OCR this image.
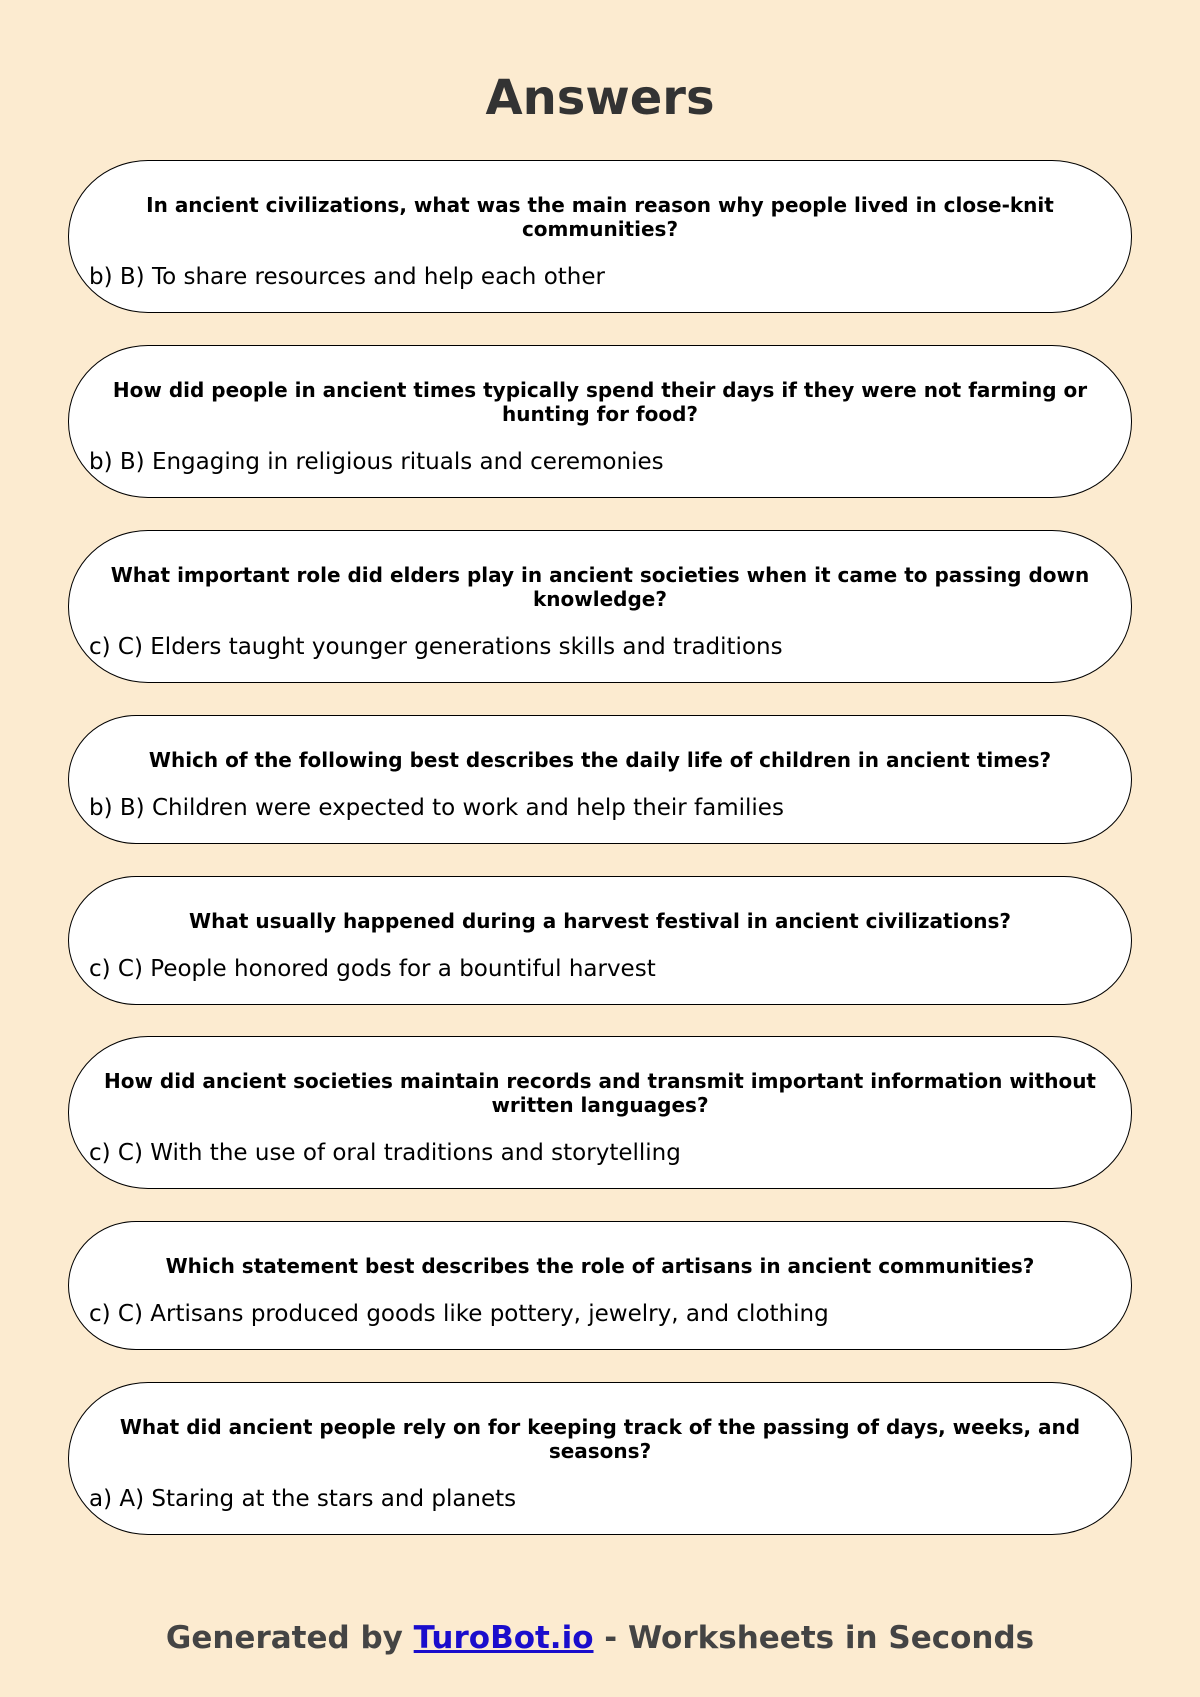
Answers
In ancient civilizations, what was the main reason why people lived in close-knit communities?
b) B) To share resources and help each other
How did people in ancient times typically spend their days if they were not farming or hunting for food?
b) B) Engaging in religious rituals and ceremonies
What important role did elders play in ancient societies when it came to passing down knowledge?
c) C) Elders taught younger generations skills and traditions
Which of the following best describes the daily life of children in ancient times?
b) B) Children were expected to work and help their families
What usually happened during a harvest festival in ancient civilizations?
c) C) People honored gods for a bountiful harvest
How did ancient societies maintain records and transmit important information without written languages?
c) C) With the use of oral traditions and storytelling
Which statement best describes the role of artisans in ancient communities?
c) C) Artisans produced goods like pottery, jewelry, and clothing
What did ancient people rely on for keeping track of the passing of days, weeks, and seasons?
a) A) Staring at the stars and planets
Generated by TuroBot.io - Worksheets in Seconds
